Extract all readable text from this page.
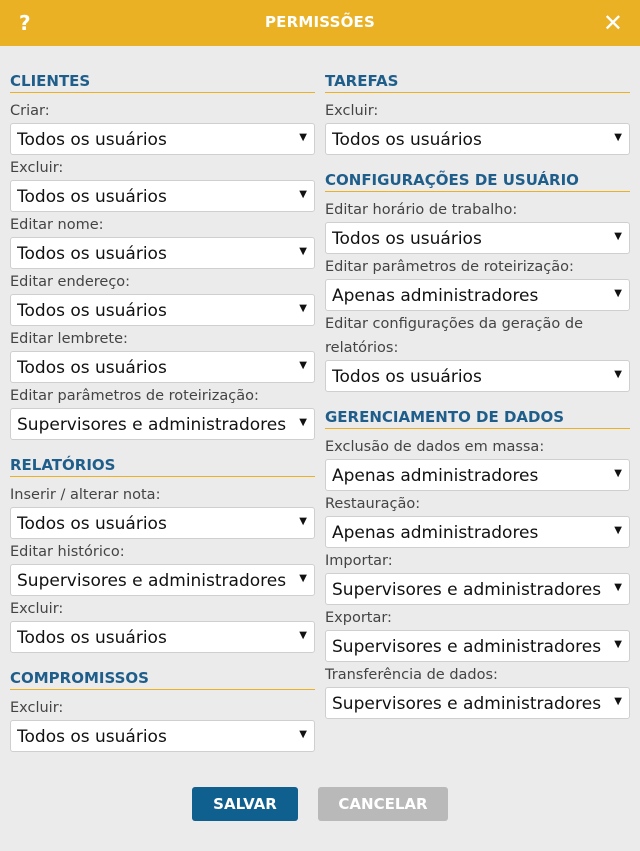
?	PERMISSÕES	✕
CLIENTES
Criar:
Todos os usuários	▼
Excluir:
Todos os usuários	▼
Editar nome:
Todos os usuários	▼
Editar endereço:
Todos os usuários	▼
Editar lembrete:
Todos os usuários	▼
Editar parâmetros de roteirização:
Supervisores e administradores	▼
RELATÓRIOS
Inserir / alterar nota:
Todos os usuários	▼
Editar histórico:
Supervisores e administradores	▼
Excluir:
Todos os usuários	▼
COMPROMISSOS
Excluir:
Todos os usuários	▼
TAREFAS
Excluir:
Todos os usuários	▼
CONFIGURAÇÕES DE USUÁRIO
Editar horário de trabalho:
Todos os usuários	▼
Editar parâmetros de roteirização:
Apenas administradores	▼
Editar configurações da geração de relatórios:
Todos os usuários	▼
GERENCIAMENTO DE DADOS
Exclusão de dados em massa:
Apenas administradores	▼
Restauração:
Apenas administradores	▼
Importar:
Supervisores e administradores	▼
Exportar:
Supervisores e administradores	▼
Transferência de dados:
Supervisores e administradores	▼
SALVAR	CANCELAR
